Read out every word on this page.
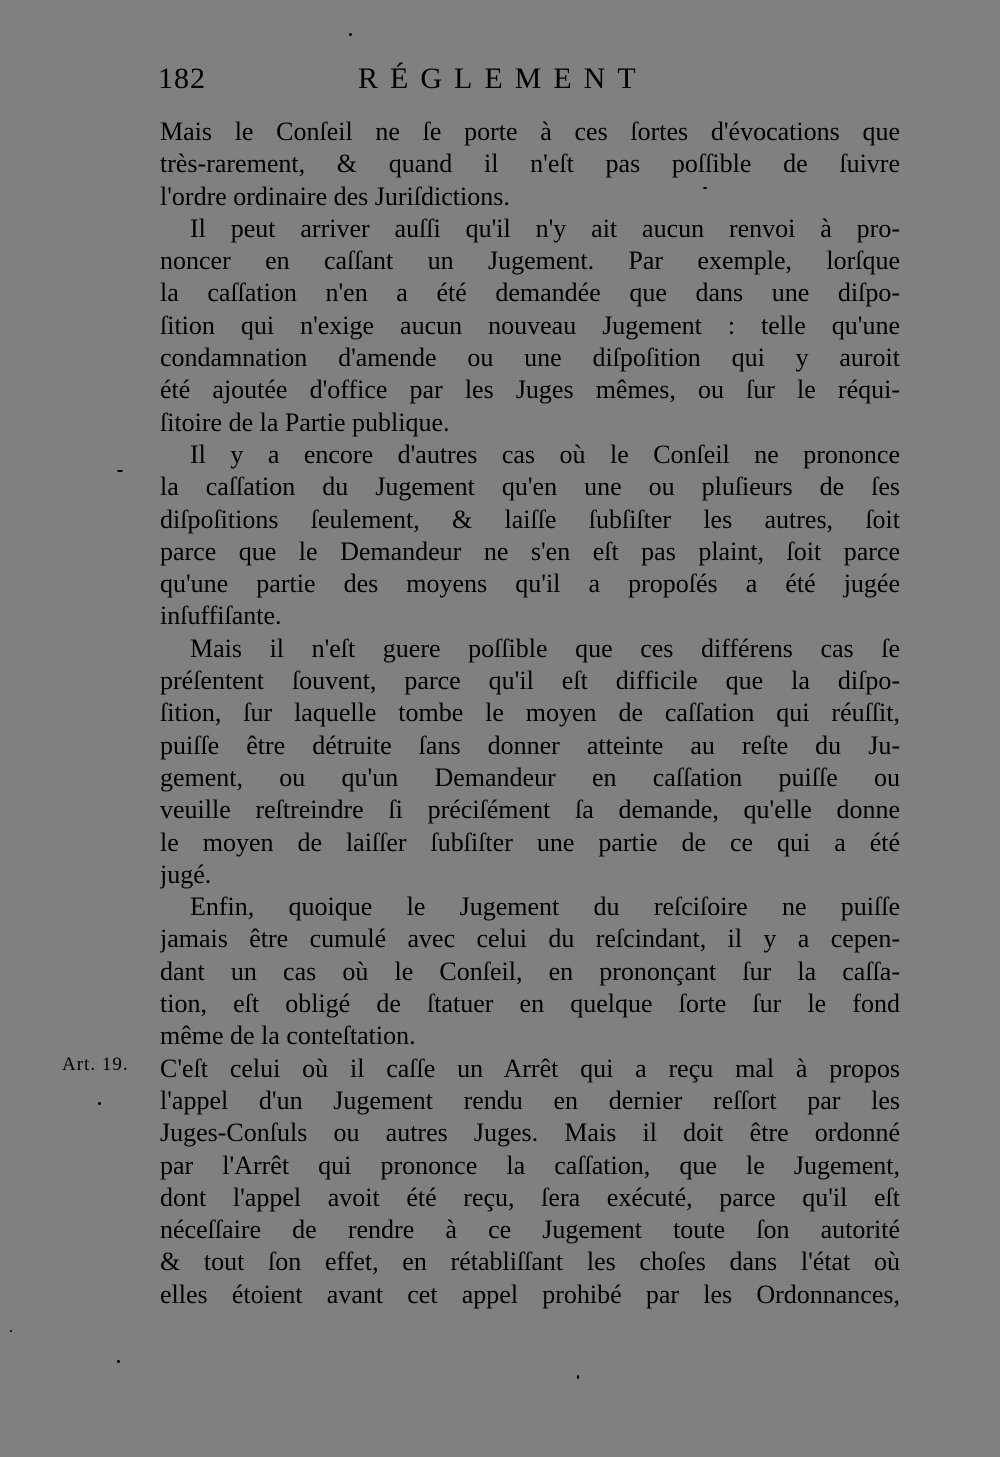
182	RÉGLEMENT
Art. 19.
Mais le Conſeil ne ſe porte à ces ſortes d'évocations que
très-rarement, & quand il n'eſt pas poſſible de ſuivre
l'ordre ordinaire des Juriſdictions.
Il peut arriver auſſi qu'il n'y ait aucun renvoi à pro-
noncer en caſſant un Jugement. Par exemple, lorſque
la caſſation n'en a été demandée que dans une diſpo-
ſition qui n'exige aucun nouveau Jugement : telle qu'une
condamnation d'amende ou une diſpoſition qui y auroit
été ajoutée d'office par les Juges mêmes, ou ſur le réqui-
ſitoire de la Partie publique.
Il y a encore d'autres cas où le Conſeil ne prononce
la caſſation du Jugement qu'en une ou pluſieurs de ſes
diſpoſitions ſeulement, & laiſſe ſubſiſter les autres, ſoit
parce que le Demandeur ne s'en eſt pas plaint, ſoit parce
qu'une partie des moyens qu'il a propoſés a été jugée
inſuffiſante.
Mais il n'eſt guere poſſible que ces différens cas ſe
préſentent ſouvent, parce qu'il eſt difficile que la diſpo-
ſition, ſur laquelle tombe le moyen de caſſation qui réuſſit,
puiſſe être détruite ſans donner atteinte au reſte du Ju-
gement, ou qu'un Demandeur en caſſation puiſſe ou
veuille reſtreindre ſi préciſément ſa demande, qu'elle donne
le moyen de laiſſer ſubſiſter une partie de ce qui a été
jugé.
Enfin, quoique le Jugement du reſciſoire ne puiſſe
jamais être cumulé avec celui du reſcindant, il y a cepen-
dant un cas où le Conſeil, en prononçant ſur la caſſa-
tion, eſt obligé de ſtatuer en quelque ſorte ſur le fond
même de la conteſtation.
C'eſt celui où il caſſe un Arrêt qui a reçu mal à propos
l'appel d'un Jugement rendu en dernier reſſort par les
Juges-Conſuls ou autres Juges. Mais il doit être ordonné
par l'Arrêt qui prononce la caſſation, que le Jugement,
dont l'appel avoit été reçu, ſera exécuté, parce qu'il eſt
néceſſaire de rendre à ce Jugement toute ſon autorité
& tout ſon effet, en rétabliſſant les choſes dans l'état où
elles étoient avant cet appel prohibé par les Ordonnances,
